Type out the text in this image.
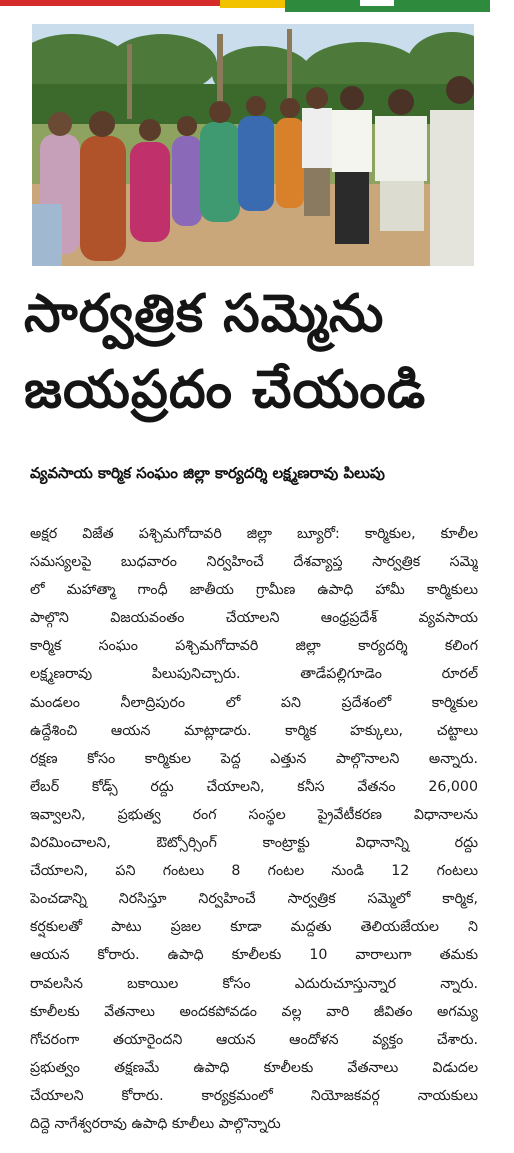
సార్వత్రిక సమ్మెను
జయప్రదం చేయండి
వ్యవసాయ కార్మిక సంఘం జిల్లా కార్యదర్శి లక్ష్మణరావు పిలుపు
అక్షర విజేత పశ్చిమగోదావరి జిల్లా బ్యూరో: కార్మికుల, కూలీల
సమస్యలపై బుధవారం నిర్వహించే దేశవ్యాప్త సార్వత్రిక సమ్మె
లో మహాత్మా గాంధీ జాతీయ గ్రామీణ ఉపాధి హామీ కార్మికులు
పాల్గొని విజయవంతం చేయాలని ఆంధ్రప్రదేశ్ వ్యవసాయ
కార్మిక సంఘం పశ్చిమగోదావరి జిల్లా కార్యదర్శి కలింగ
లక్ష్మణరావు పిలుపునిచ్చారు. తాడేపల్లిగూడెం రూరల్
మండలం నీలాద్రిపురం లో పని ప్రదేశంలో కార్మికుల
ఉద్దేశించి ఆయన మాట్లాడారు. కార్మిక హక్కులు, చట్టాలు
రక్షణ కోసం కార్మికుల పెద్ద ఎత్తున పాల్గొనాలని అన్నారు.
లేబర్ కోడ్స్ రద్దు చేయాలని, కనీస వేతనం 26,000
ఇవ్వాలని, ప్రభుత్వ రంగ సంస్థల ప్రైవేటీకరణ విధానాలను
విరమించాలని, ఔట్సోర్సింగ్ కాంట్రాక్టు విధానాన్ని రద్దు
చేయాలని, పని గంటలు 8 గంటల నుండి 12 గంటలు
పెంచడాన్ని నిరసిస్తూ నిర్వహించే సార్వత్రిక సమ్మెలో కార్మిక,
కర్షకులతో పాటు ప్రజల కూడా మద్దతు తెలియజేయల ని
ఆయన కోరారు. ఉపాధి కూలీలకు 10 వారాలుగా తమకు
రావలసిన బకాయిల కోసం ఎదురుచూస్తున్నార న్నారు.
కూలీలకు వేతనాలు అందకపోవడం వల్ల వారి జీవితం అగమ్య
గోచరంగా తయారైందని ఆయన ఆందోళన వ్యక్తం చేశారు.
ప్రభుత్వం తక్షణమే ఉపాధి కూలీలకు వేతనాలు విడుదల
చేయాలని కోరారు. కార్యక్రమంలో నియోజకవర్గ నాయకులు
దిద్దె నాగేశ్వరరావు ఉపాధి కూలీలు పాల్గొన్నారు
